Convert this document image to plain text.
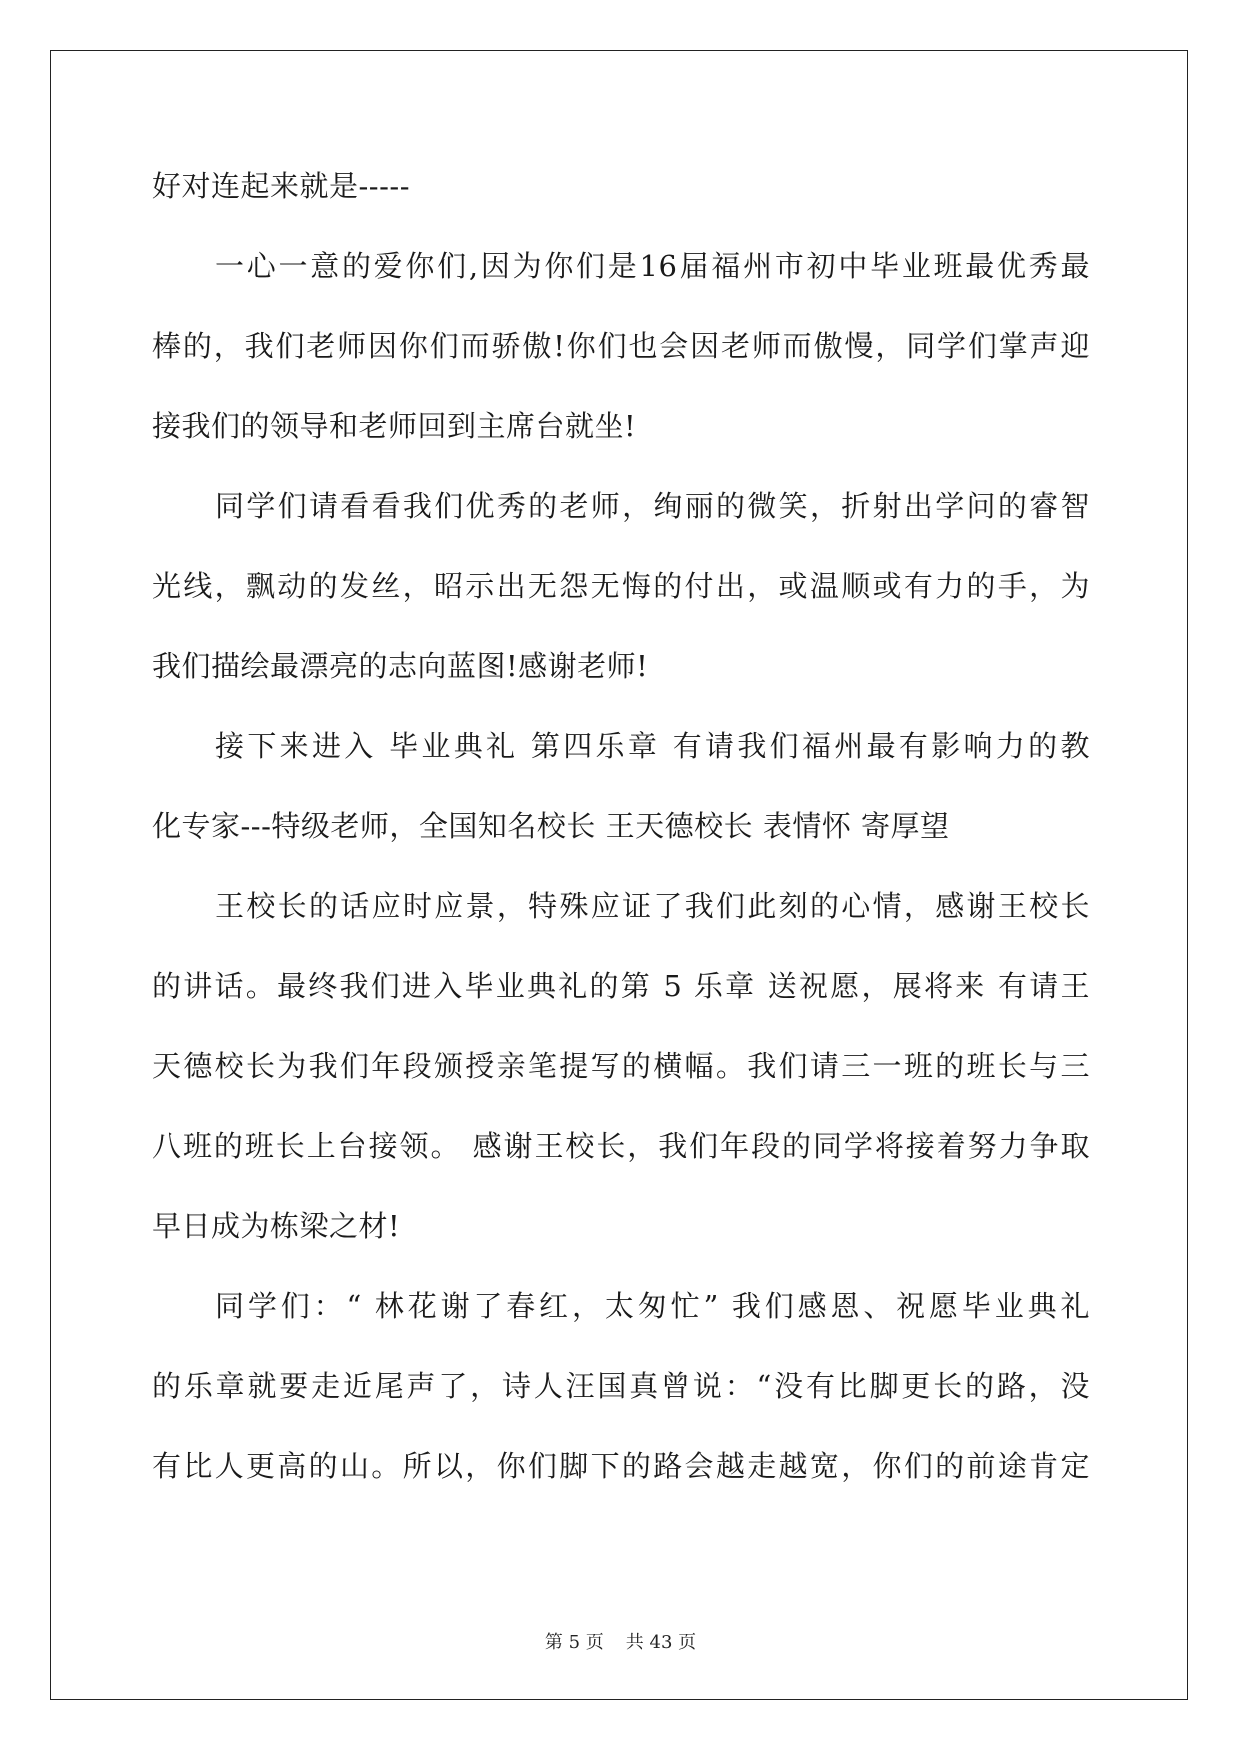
好对连起来就是-----
一心一意的爱你们,因为你们是16届福州市初中毕业班最优秀最
棒的，我们老师因你们而骄傲!你们也会因老师而傲慢，同学们掌声迎
接我们的领导和老师回到主席台就坐!
同学们请看看我们优秀的老师，绚丽的微笑，折射出学问的睿智
光线，飘动的发丝，昭示出无怨无悔的付出，或温顺或有力的手，为
我们描绘最漂亮的志向蓝图!感谢老师!
接下来进入 毕业典礼 第四乐章 有请我们福州最有影响力的教
化专家---特级老师，全国知名校长 王天德校长 表情怀 寄厚望
王校长的话应时应景，特殊应证了我们此刻的心情，感谢王校长
的讲话。最终我们进入毕业典礼的第 5 乐章 送祝愿，展将来 有请王
天德校长为我们年段颁授亲笔提写的横幅。我们请三一班的班长与三
八班的班长上台接领。 感谢王校长，我们年段的同学将接着努力争取
早日成为栋梁之材!
同学们：“ 林花谢了春红，太匆忙” 我们感恩、祝愿毕业典礼
的乐章就要走近尾声了，诗人汪国真曾说：“没有比脚更长的路，没
有比人更高的山。所以，你们脚下的路会越走越宽，你们的前途肯定
第 5 页 共 43 页
